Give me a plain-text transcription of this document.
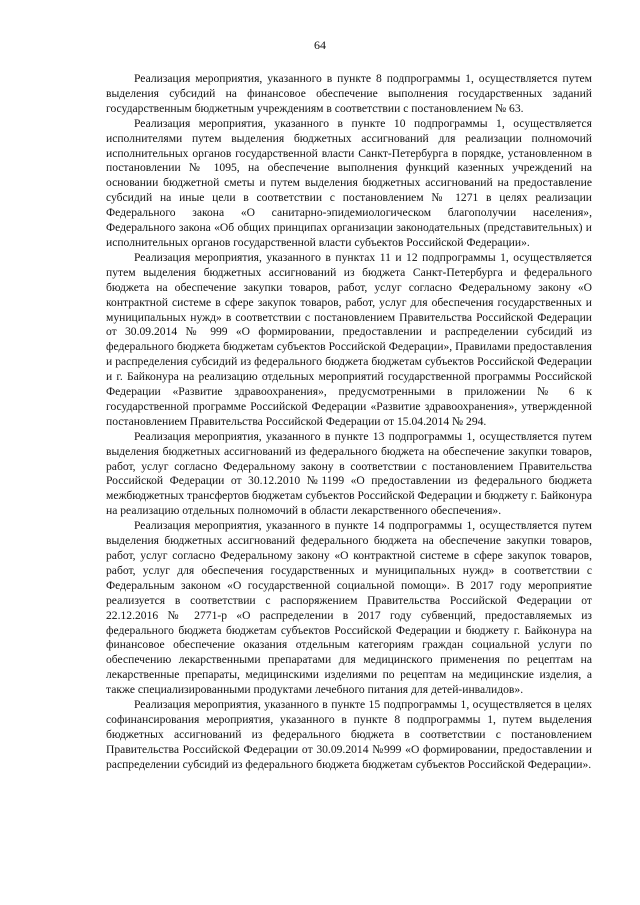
64

Реализация мероприятия, указанного в пункте 8 подпрограммы 1, осуществляется путем выделения субсидий на финансовое обеспечение выполнения государственных заданий государственным бюджетным учреждениям в соответствии с постановлением № 63.

Реализация мероприятия, указанного в пункте 10 подпрограммы 1, осуществляется исполнителями путем выделения бюджетных ассигнований для реализации полномочий исполнительных органов государственной власти Санкт-Петербурга в порядке, установленном в постановлении № 1095, на обеспечение выполнения функций казенных учреждений на основании бюджетной сметы и путем выделения бюджетных ассигнований на предоставление субсидий на иные цели в соответствии с постановлением № 1271 в целях реализации Федерального закона «О санитарно-эпидемиологическом благополучии населения», Федерального закона «Об общих принципах организации законодательных (представительных) и исполнительных органов государственной власти субъектов Российской Федерации».

Реализация мероприятия, указанного в пунктах 11 и 12 подпрограммы 1, осуществляется путем выделения бюджетных ассигнований из бюджета Санкт-Петербурга и федерального бюджета на обеспечение закупки товаров, работ, услуг согласно Федеральному закону «О контрактной системе в сфере закупок товаров, работ, услуг для обеспечения государственных и муниципальных нужд» в соответствии с постановлением Правительства Российской Федерации от 30.09.2014 № 999 «О формировании, предоставлении и распределении субсидий из федерального бюджета бюджетам субъектов Российской Федерации», Правилами предоставления и распределения субсидий из федерального бюджета бюджетам субъектов Российской Федерации и г. Байконура на реализацию отдельных мероприятий государственной программы Российской Федерации «Развитие здравоохранения», предусмотренными в приложении № 6 к государственной программе Российской Федерации «Развитие здравоохранения», утвержденной постановлением Правительства Российской Федерации от 15.04.2014 № 294.

Реализация мероприятия, указанного в пункте 13 подпрограммы 1, осуществляется путем выделения бюджетных ассигнований из федерального бюджета на обеспечение закупки товаров, работ, услуг согласно Федеральному закону в соответствии с постановлением Правительства Российской Федерации от 30.12.2010 №1199 «О предоставлении из федерального бюджета межбюджетных трансфертов бюджетам субъектов Российской Федерации и бюджету г. Байконура на реализацию отдельных полномочий в области лекарственного обеспечения».

Реализация мероприятия, указанного в пункте 14 подпрограммы 1, осуществляется путем выделения бюджетных ассигнований федерального бюджета на обеспечение закупки товаров, работ, услуг согласно Федеральному закону «О контрактной системе в сфере закупок товаров, работ, услуг для обеспечения государственных и муниципальных нужд» в соответствии с Федеральным законом «О государственной социальной помощи». В 2017 году мероприятие реализуется в соответствии с распоряжением Правительства Российской Федерации от 22.12.2016 № 2771-р «О распределении в 2017 году субвенций, предоставляемых из федерального бюджета бюджетам субъектов Российской Федерации и бюджету г. Байконура на финансовое обеспечение оказания отдельным категориям граждан социальной услуги по обеспечению лекарственными препаратами для медицинского применения по рецептам на лекарственные препараты, медицинскими изделиями по рецептам на медицинские изделия, а также специализированными продуктами лечебного питания для детей-инвалидов».

Реализация мероприятия, указанного в пункте 15 подпрограммы 1, осуществляется в целях софинансирования мероприятия, указанного в пункте 8 подпрограммы 1, путем выделения бюджетных ассигнований из федерального бюджета в соответствии с постановлением Правительства Российской Федерации от 30.09.2014 №999 «О формировании, предоставлении и распределении субсидий из федерального бюджета бюджетам субъектов Российской Федерации».
